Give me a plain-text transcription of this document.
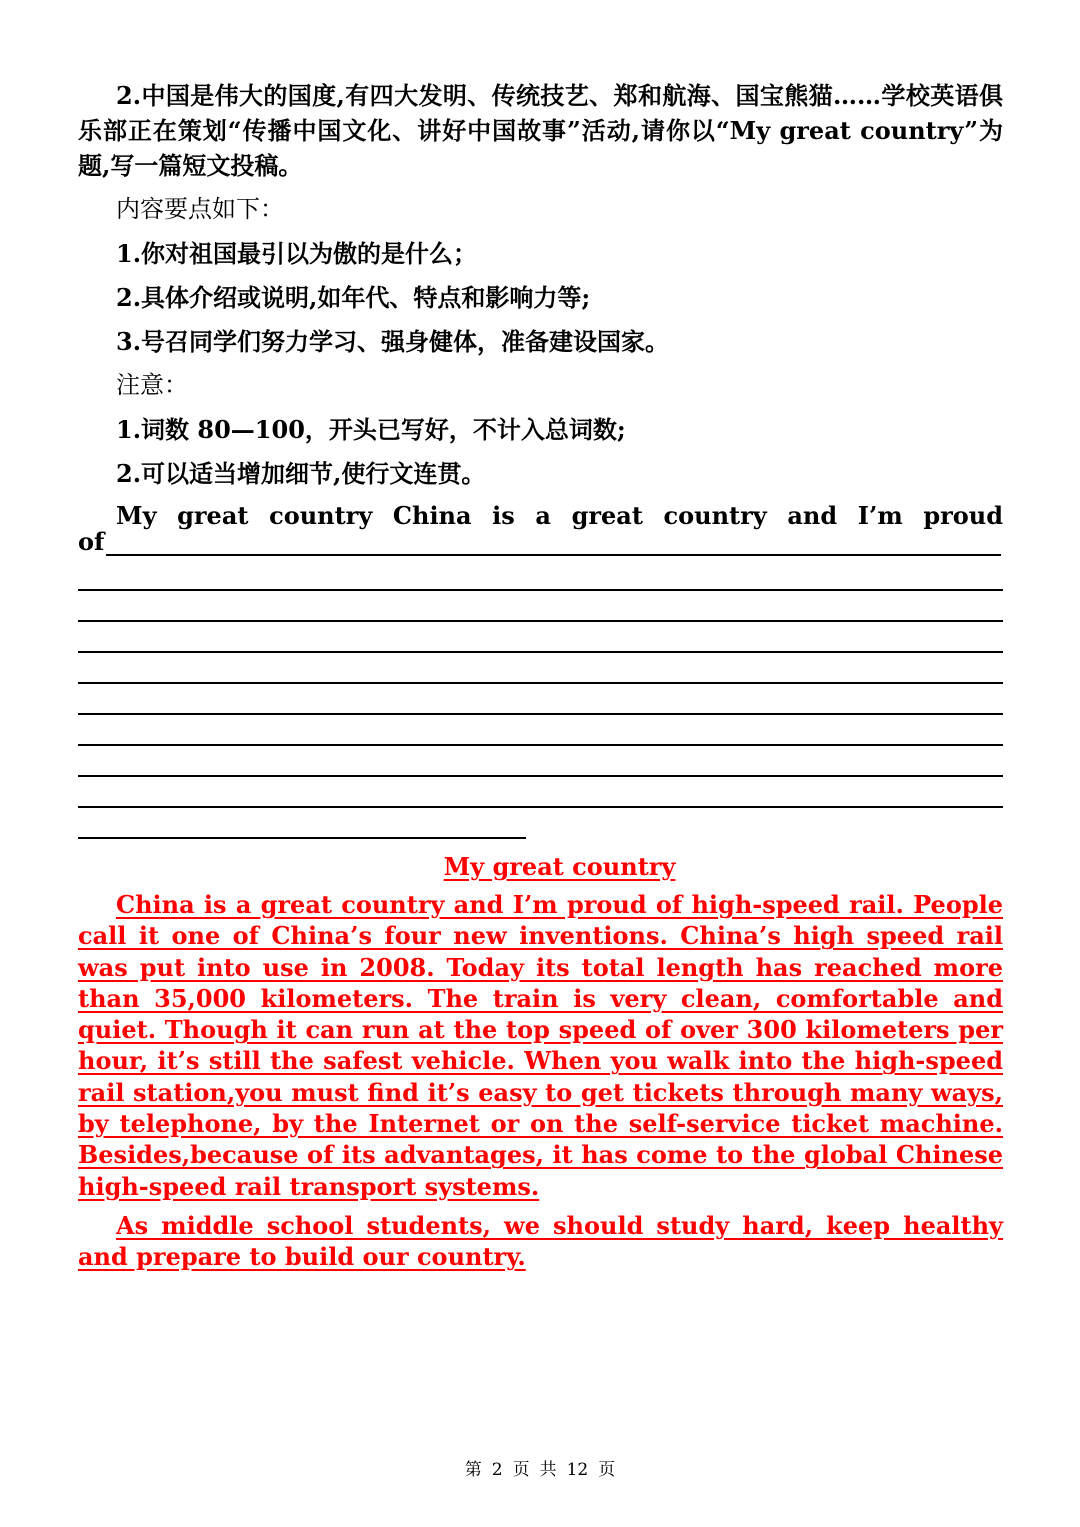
2.中国是伟大的国度,有四大发明、传统技艺、郑和航海、国宝熊猫……学校英语俱乐部正在策划“传播中国文化、讲好中国故事”活动,请你以“My great country”为题,写一篇短文投稿。

内容要点如下：

1.你对祖国最引以为傲的是什么；

2.具体介绍或说明,如年代、特点和影响力等;

3.号召同学们努力学习、强身健体，准备建设国家。

注意：

1.词数 80—100，开头已写好，不计入总词数;

2.可以适当增加细节,使行文连贯。

My great country China is a great country and I’m proud

of
My great country

China is a great country and I’m proud of high-speed rail. People call it one of China’s four new inventions. China’s high speed rail was put into use in 2008. Today its total length has reached more than 35,000 kilometers. The train is very clean, comfortable and quiet. Though it can run at the top speed of over 300 kilometers per hour, it’s still the safest vehicle. When you walk into the high-speed rail station,you must find it’s easy to get tickets through many ways, by telephone, by the Internet or on the self-service ticket machine. Besides,because of its advantages, it has come to the global Chinese high-speed rail transport systems.

As middle school students, we should study hard, keep healthy and prepare to build our country.

第 2 页 共 12 页
